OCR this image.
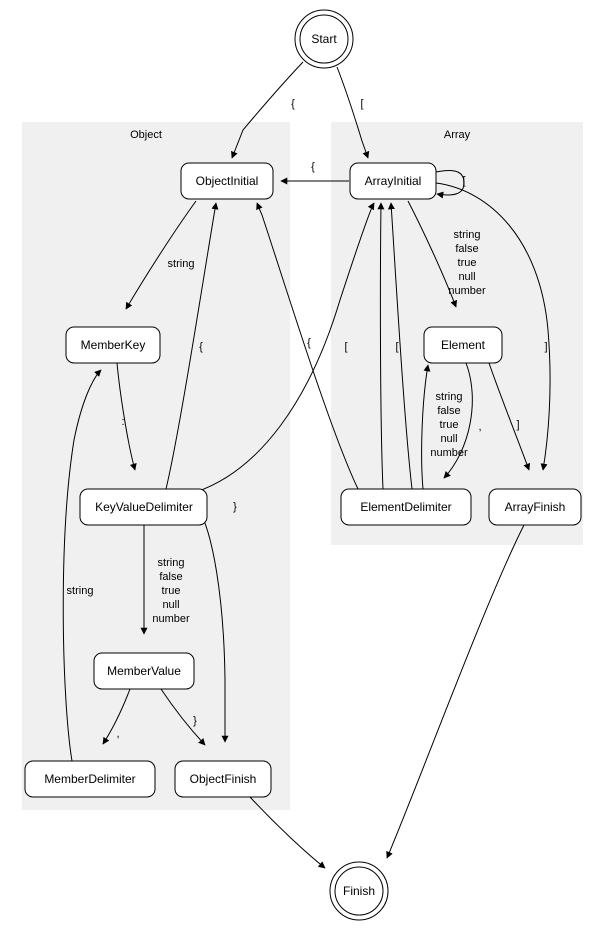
Object	Array
{	[
{
[
string
string
false
true
null
number
{	{	[	[	]
:
string
false
true
null
number
,	]
}
string
false
true
null
number
string
,
}
Start
ObjectInitial	ArrayInitial
MemberKey	Element
KeyValueDelimiter	ElementDelimiter	ArrayFinish
MemberValue
MemberDelimiter	ObjectFinish
Finish
